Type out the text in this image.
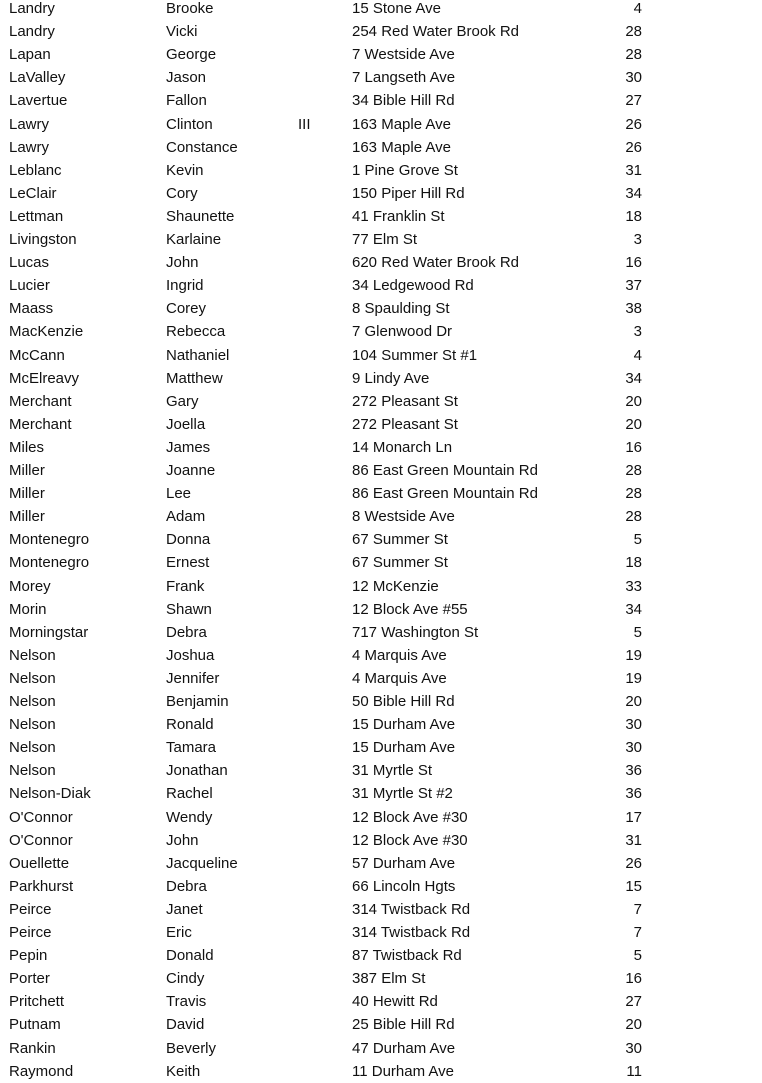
Landry	Brooke	15 Stone Ave	4
Landry	Vicki	254 Red Water Brook Rd	28
Lapan	George	7 Westside Ave	28
LaValley	Jason	7 Langseth Ave	30
Lavertue	Fallon	34 Bible Hill Rd	27
Lawry	Clinton	III	163 Maple Ave	26
Lawry	Constance	163 Maple Ave	26
Leblanc	Kevin	1 Pine Grove St	31
LeClair	Cory	150 Piper Hill Rd	34
Lettman	Shaunette	41 Franklin St	18
Livingston	Karlaine	77 Elm St	3
Lucas	John	620 Red Water Brook Rd	16
Lucier	Ingrid	34 Ledgewood Rd	37
Maass	Corey	8 Spaulding St	38
MacKenzie	Rebecca	7 Glenwood Dr	3
McCann	Nathaniel	104 Summer St #1	4
McElreavy	Matthew	9 Lindy Ave	34
Merchant	Gary	272 Pleasant St	20
Merchant	Joella	272 Pleasant St	20
Miles	James	14 Monarch Ln	16
Miller	Joanne	86 East Green Mountain Rd	28
Miller	Lee	86 East Green Mountain Rd	28
Miller	Adam	8 Westside Ave	28
Montenegro	Donna	67 Summer St	5
Montenegro	Ernest	67 Summer St	18
Morey	Frank	12 McKenzie	33
Morin	Shawn	12 Block Ave #55	34
Morningstar	Debra	717 Washington St	5
Nelson	Joshua	4 Marquis Ave	19
Nelson	Jennifer	4 Marquis Ave	19
Nelson	Benjamin	50 Bible Hill Rd	20
Nelson	Ronald	15 Durham Ave	30
Nelson	Tamara	15 Durham Ave	30
Nelson	Jonathan	31 Myrtle St	36
Nelson-Diak	Rachel	31 Myrtle St #2	36
O'Connor	Wendy	12 Block Ave #30	17
O'Connor	John	12 Block Ave #30	31
Ouellette	Jacqueline	57 Durham Ave	26
Parkhurst	Debra	66 Lincoln Hgts	15
Peirce	Janet	314 Twistback Rd	7
Peirce	Eric	314 Twistback Rd	7
Pepin	Donald	87 Twistback Rd	5
Porter	Cindy	387 Elm St	16
Pritchett	Travis	40 Hewitt Rd	27
Putnam	David	25 Bible Hill Rd	20
Rankin	Beverly	47 Durham Ave	30
Raymond	Keith	11 Durham Ave	11
